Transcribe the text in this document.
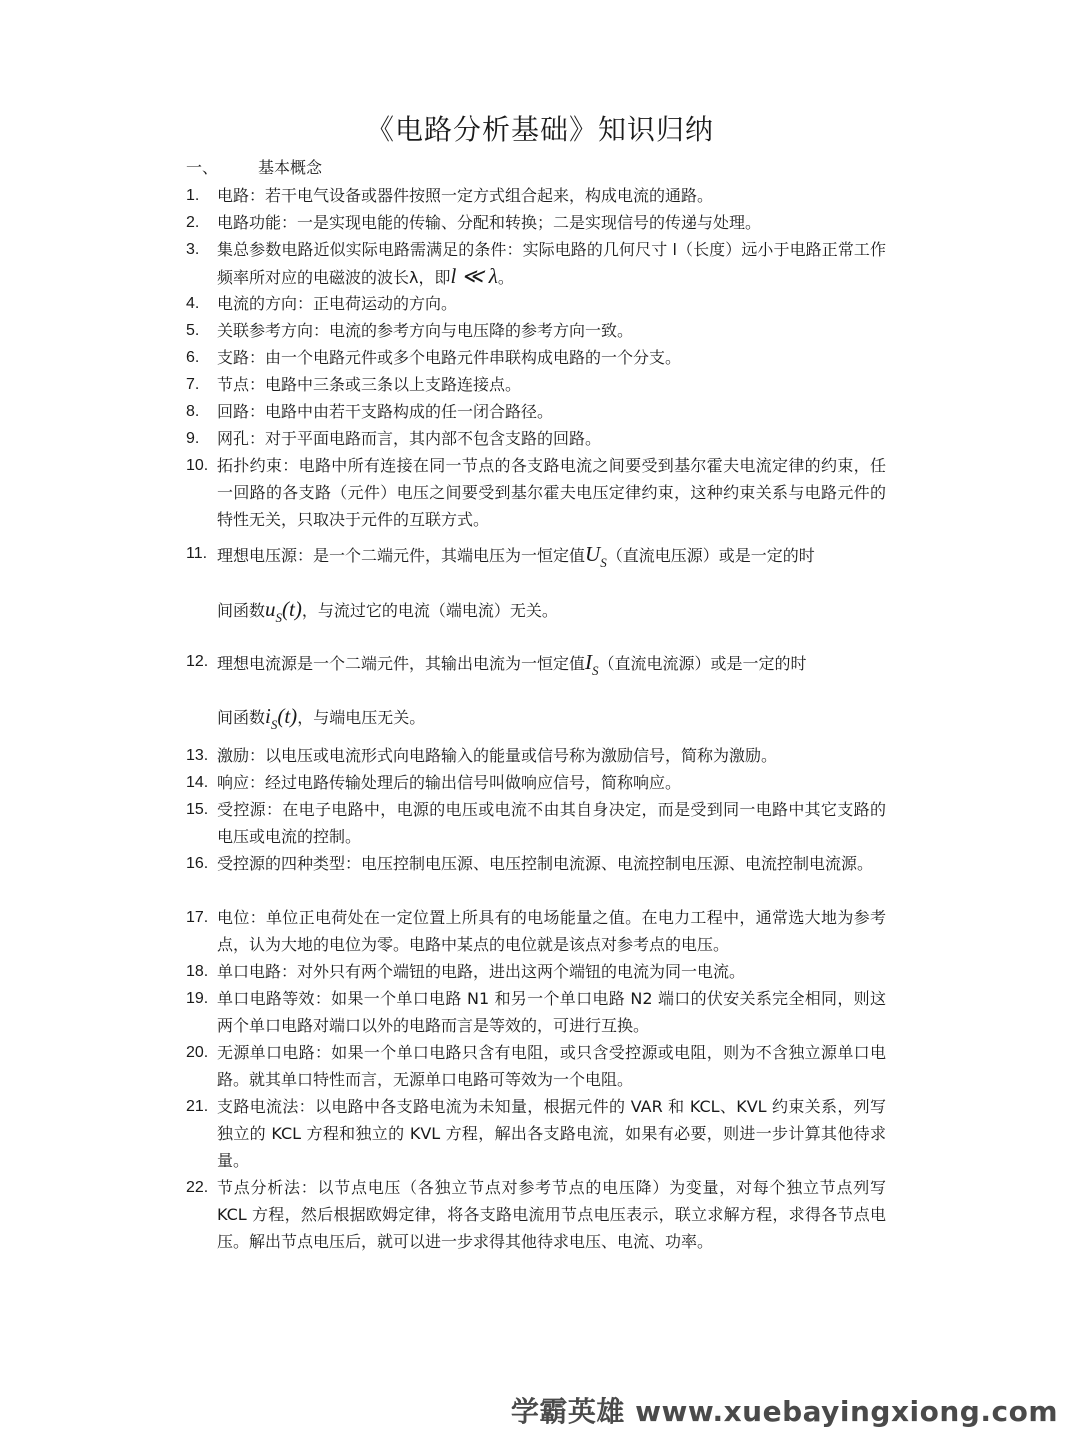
《电路分析基础》知识归纳
一、 基本概念
1.	电路：若干电气设备或器件按照一定方式组合起来，构成电流的通路。
2.	电路功能：一是实现电能的传输、分配和转换；二是实现信号的传递与处理。
3.	集总参数电路近似实际电路需满足的条件：实际电路的几何尺寸 l（长度）远小于电路正常工作频率所对应的电磁波的波长λ，即l ≪ λ。
4.	电流的方向：正电荷运动的方向。
5.	关联参考方向：电流的参考方向与电压降的参考方向一致。
6.	支路：由一个电路元件或多个电路元件串联构成电路的一个分支。
7.	节点：电路中三条或三条以上支路连接点。
8.	回路：电路中由若干支路构成的任一闭合路径。
9.	网孔：对于平面电路而言，其内部不包含支路的回路。
10. 拓扑约束：电路中所有连接在同一节点的各支路电流之间要受到基尔霍夫电流定律的约束，任一回路的各支路（元件）电压之间要受到基尔霍夫电压定律约束，这种约束关系与电路元件的特性无关，只取决于元件的互联方式。
11. 理想电压源：是一个二端元件，其端电压为一恒定值$U_S$（直流电压源）或是一定的时
间函数$u_S(t)$，与流过它的电流（端电流）无关。
12. 理想电流源是一个二端元件，其输出电流为一恒定值$I_S$（直流电流源）或是一定的时
间函数$i_S(t)$，与端电压无关。
13. 激励：以电压或电流形式向电路输入的能量或信号称为激励信号，简称为激励。
14. 响应：经过电路传输处理后的输出信号叫做响应信号，简称响应。
15. 受控源：在电子电路中，电源的电压或电流不由其自身决定，而是受到同一电路中其它支路的电压或电流的控制。
16. 受控源的四种类型：电压控制电压源、电压控制电流源、电流控制电压源、电流控制电流源。
17. 电位：单位正电荷处在一定位置上所具有的电场能量之值。在电力工程中，通常选大地为参考点，认为大地的电位为零。电路中某点的电位就是该点对参考点的电压。
18. 单口电路：对外只有两个端钮的电路，进出这两个端钮的电流为同一电流。
19. 单口电路等效：如果一个单口电路 N1 和另一个单口电路 N2 端口的伏安关系完全相同，则这两个单口电路对端口以外的电路而言是等效的，可进行互换。
20. 无源单口电路：如果一个单口电路只含有电阻，或只含受控源或电阻，则为不含独立源单口电路。就其单口特性而言，无源单口电路可等效为一个电阻。
21. 支路电流法：以电路中各支路电流为未知量，根据元件的 VAR 和 KCL、KVL 约束关系，列写独立的 KCL 方程和独立的 KVL 方程，解出各支路电流，如果有必要，则进一步计算其他待求量。
22. 节点分析法：以节点电压（各独立节点对参考节点的电压降）为变量，对每个独立节点列写 KCL 方程，然后根据欧姆定律，将各支路电流用节点电压表示，联立求解方程，求得各节点电压。解出节点电压后，就可以进一步求得其他待求电压、电流、功率。
学霸英雄 www.xuebayingxiong.com
